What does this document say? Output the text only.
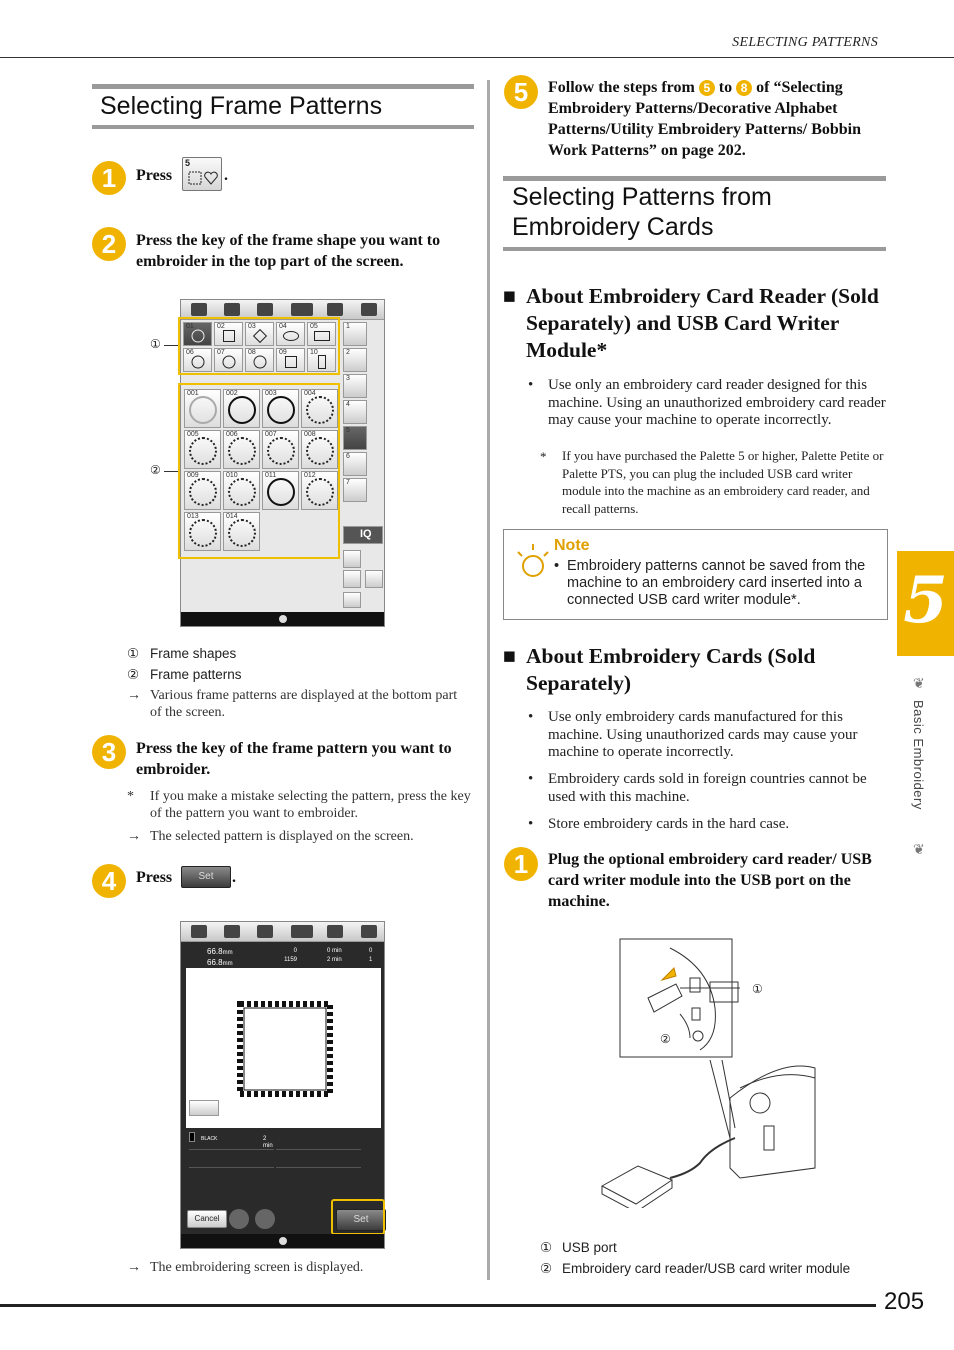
SELECTING PATTERNS
Selecting Frame Patterns
1	Press
5
.
2	Press the key of the frame shape you want to embroider in the top part of the screen.
①
②
01	02	03	04	05
06	07	08	09	10
001	002	003	004
005	006	007	008
009	010	011	012
013	014
1
2
3
4
5
6
7
IQ
① Frame shapes
② Frame patterns
→ Various frame patterns are displayed at the bottom part of the screen.
3	Press the key of the frame pattern you want to embroider.
* If you make a mistake selecting the pattern, press the key of the pattern you want to embroider.
→ The selected pattern is displayed on the screen.
4	Press	Set	.
66.8mm
66.8mm
0
1159
0 min
2 min
0
1
BLACK	2
min
Cancel	Set
→ The embroidering screen is displayed.
5	Follow the steps from 5 to 8 of “Selecting Embroidery Patterns/Decorative Alphabet Patterns/Utility Embroidery Patterns/ Bobbin Work Patterns” on page 202.
Selecting Patterns from
Embroidery Cards
■ About Embroidery Card Reader (Sold
Separately) and USB Card Writer
Module*
• Use only an embroidery card reader designed for this machine. Using an unauthorized embroidery card reader may cause your machine to operate incorrectly.
* If you have purchased the Palette 5 or higher, Palette Petite or Palette PTS, you can plug the included USB card writer module into the machine as an embroidery card reader, and recall patterns.
Note
• Embroidery patterns cannot be saved from the machine to an embroidery card inserted into a connected USB card writer module*.
■ About Embroidery Cards (Sold
Separately)
• Use only embroidery cards manufactured for this machine. Using unauthorized cards may cause your machine to operate incorrectly.
• Embroidery cards sold in foreign countries cannot be used with this machine.
• Store embroidery cards in the hard case.
1	Plug the optional embroidery card reader/ USB card writer module into the USB port on the machine.
①
②
① USB port
② Embroidery card reader/USB card writer module
5
❦
Basic Embroidery
❦
205
